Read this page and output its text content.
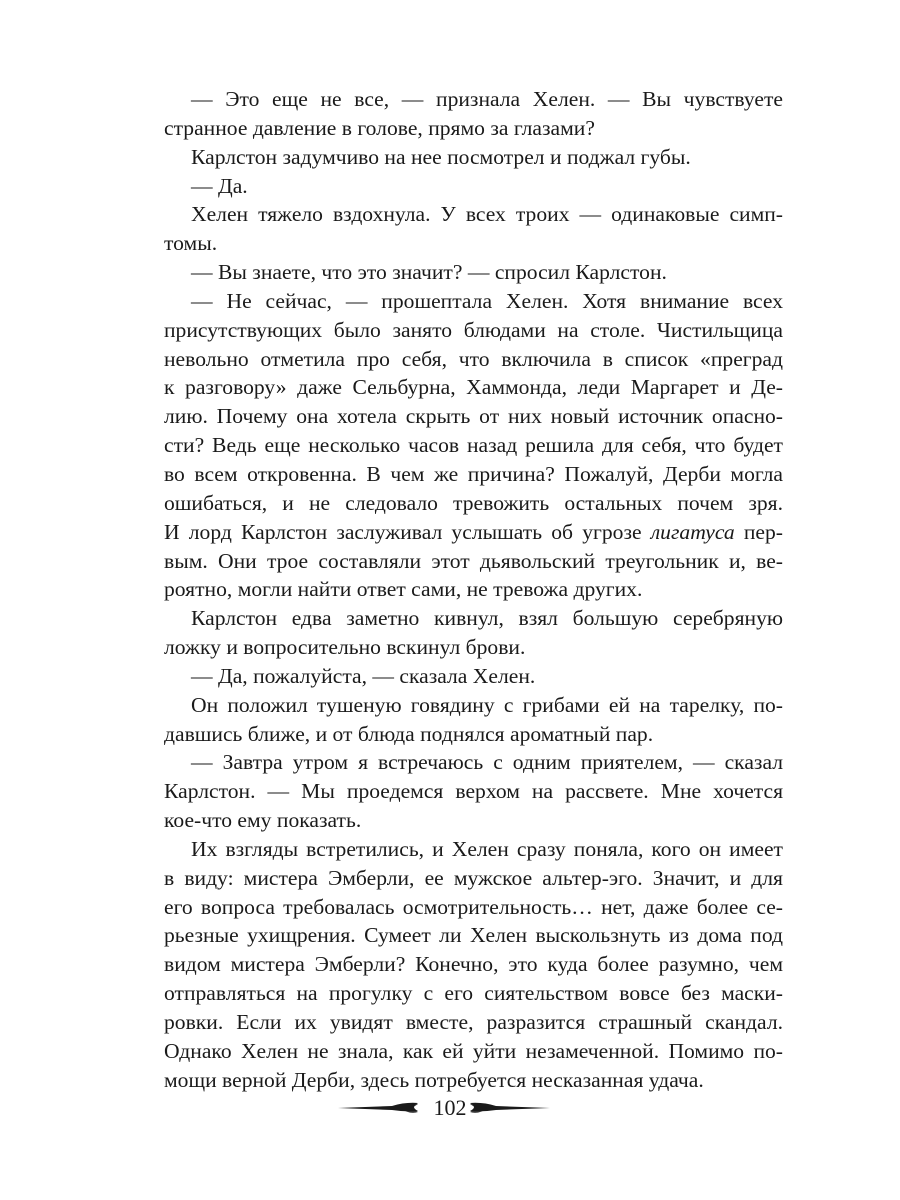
— Это еще не все, — признала Хелен. — Вы чувствуете
странное давление в голове, прямо за глазами?

Карлстон задумчиво на нее посмотрел и поджал губы.

— Да.

Хелен тяжело вздохнула. У всех троих — одинаковые симп-
томы.

— Вы знаете, что это значит? — спросил Карлстон.

— Не сейчас, — прошептала Хелен. Хотя внимание всех
присутствующих было занято блюдами на столе. Чистильщица
невольно отметила про себя, что включила в список «преград
к разговору» даже Сельбурна, Хаммонда, леди Маргарет и Де-
лию. Почему она хотела скрыть от них новый источник опасно-
сти? Ведь еще несколько часов назад решила для себя, что будет
во всем откровенна. В чем же причина? Пожалуй, Дерби могла
ошибаться, и не следовало тревожить остальных почем зря.
И лорд Карлстон заслуживал услышать об угрозе лигатуса пер-
вым. Они трое составляли этот дьявольский треугольник и, ве-
роятно, могли найти ответ сами, не тревожа других.

Карлстон едва заметно кивнул, взял большую серебряную
ложку и вопросительно вскинул брови.

— Да, пожалуйста, — сказала Хелен.

Он положил тушеную говядину с грибами ей на тарелку, по-
давшись ближе, и от блюда поднялся ароматный пар.

— Завтра утром я встречаюсь с одним приятелем, — сказал
Карлстон. — Мы проедемся верхом на рассвете. Мне хочется
кое-что ему показать.

Их взгляды встретились, и Хелен сразу поняла, кого он имеет
в виду: мистера Эмберли, ее мужское альтер-эго. Значит, и для
его вопроса требовалась осмотрительность… нет, даже более се-
рьезные ухищрения. Сумеет ли Хелен выскользнуть из дома под
видом мистера Эмберли? Конечно, это куда более разумно, чем
отправляться на прогулку с его сиятельством вовсе без маски-
ровки. Если их увидят вместе, разразится страшный скандал.
Однако Хелен не знала, как ей уйти незамеченной. Помимо по-
мощи верной Дерби, здесь потребуется несказанная удача.

102
